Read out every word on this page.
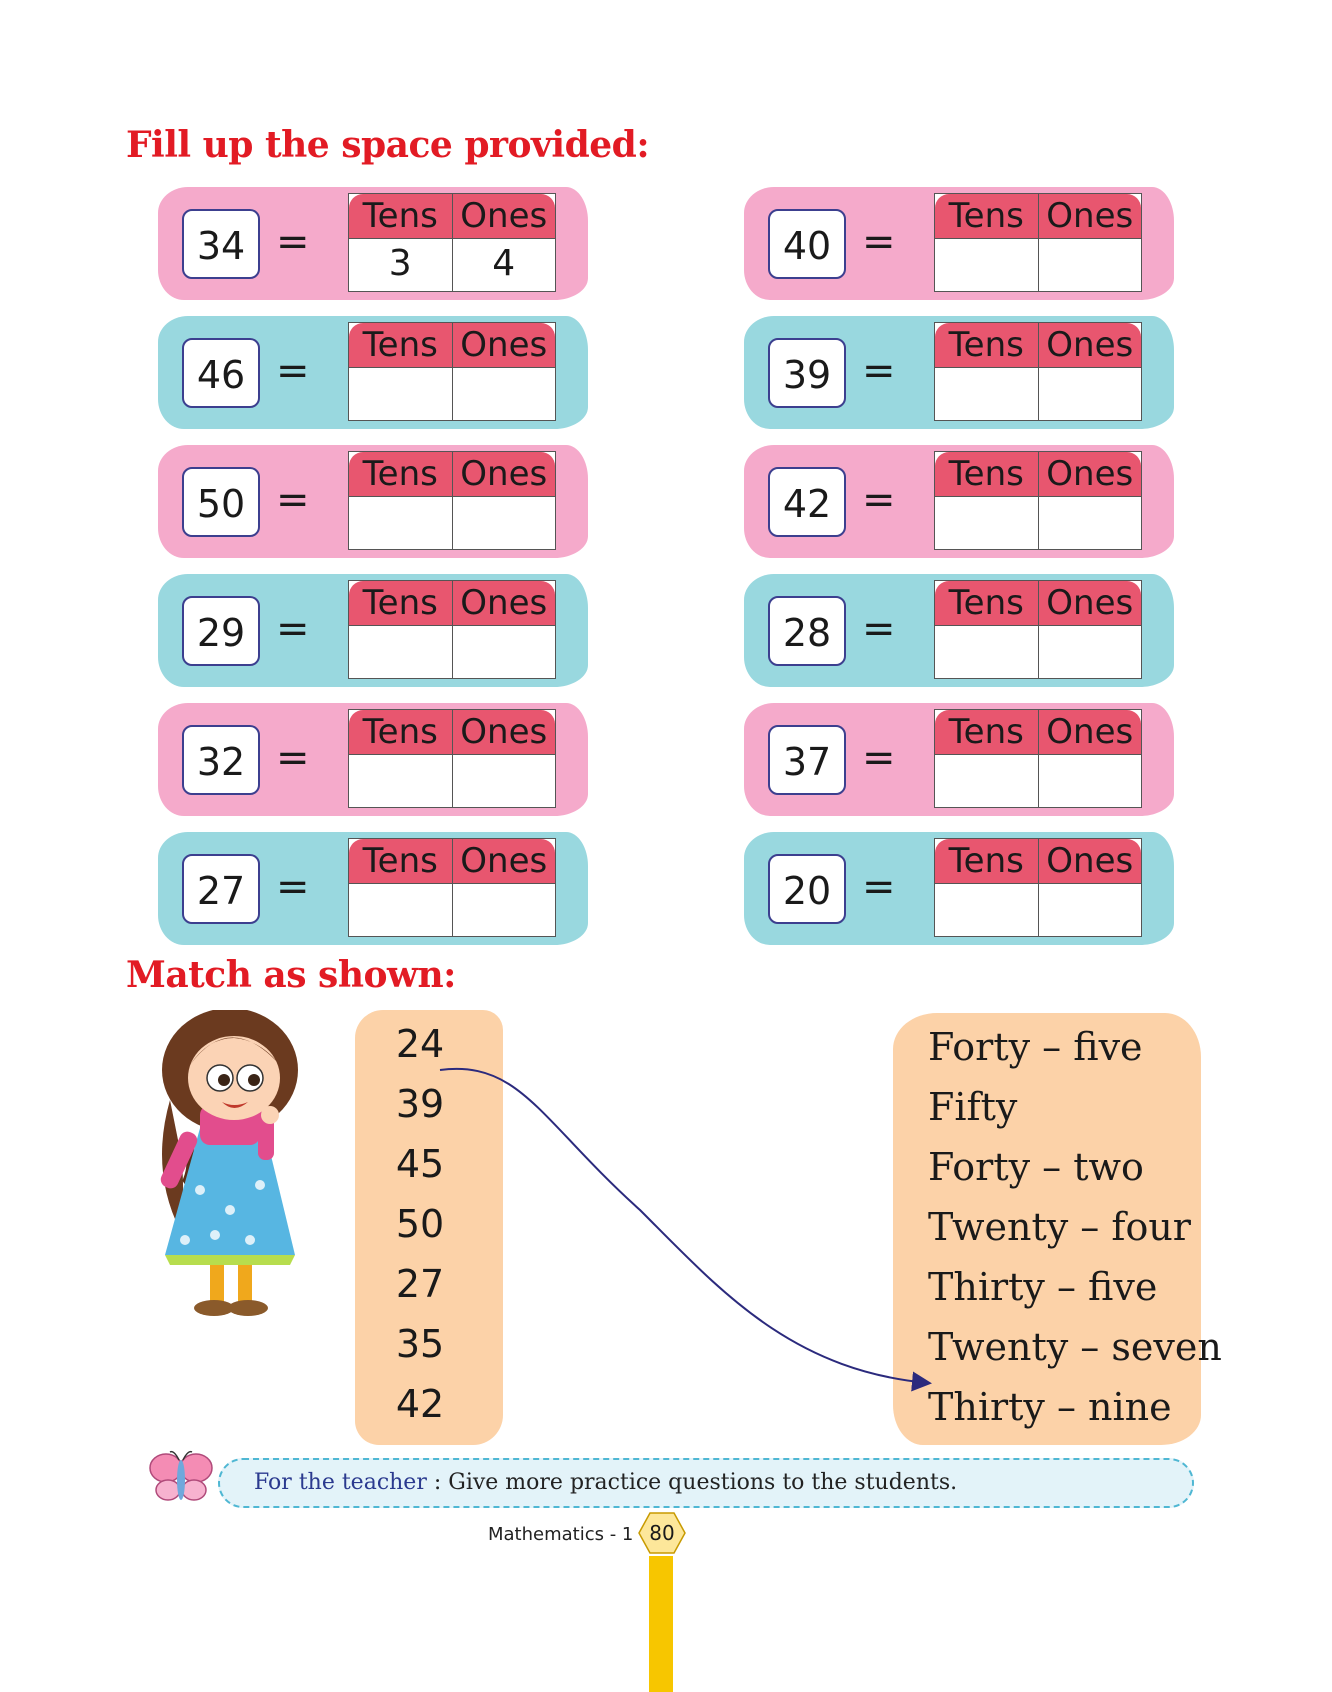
Fill up the space provided:
34 =
Tens Ones
3	4	40 =
Tens Ones
46 =
Tens Ones
39 =
Tens Ones
50 =
Tens Ones
42 =
Tens Ones
29 =
Tens Ones
28 =
Tens Ones
32 =
Tens Ones
37 =
Tens Ones
27 =
Tens Ones
20 =
Tens Ones
Match as shown:
24
39
45
50
27
35
42
Forty – five
Fifty
Forty – two
Twenty – four
Thirty – five
Twenty – seven
Thirty – nine
For the teacher : Give more practice questions to the students.
Mathematics - 1 80
